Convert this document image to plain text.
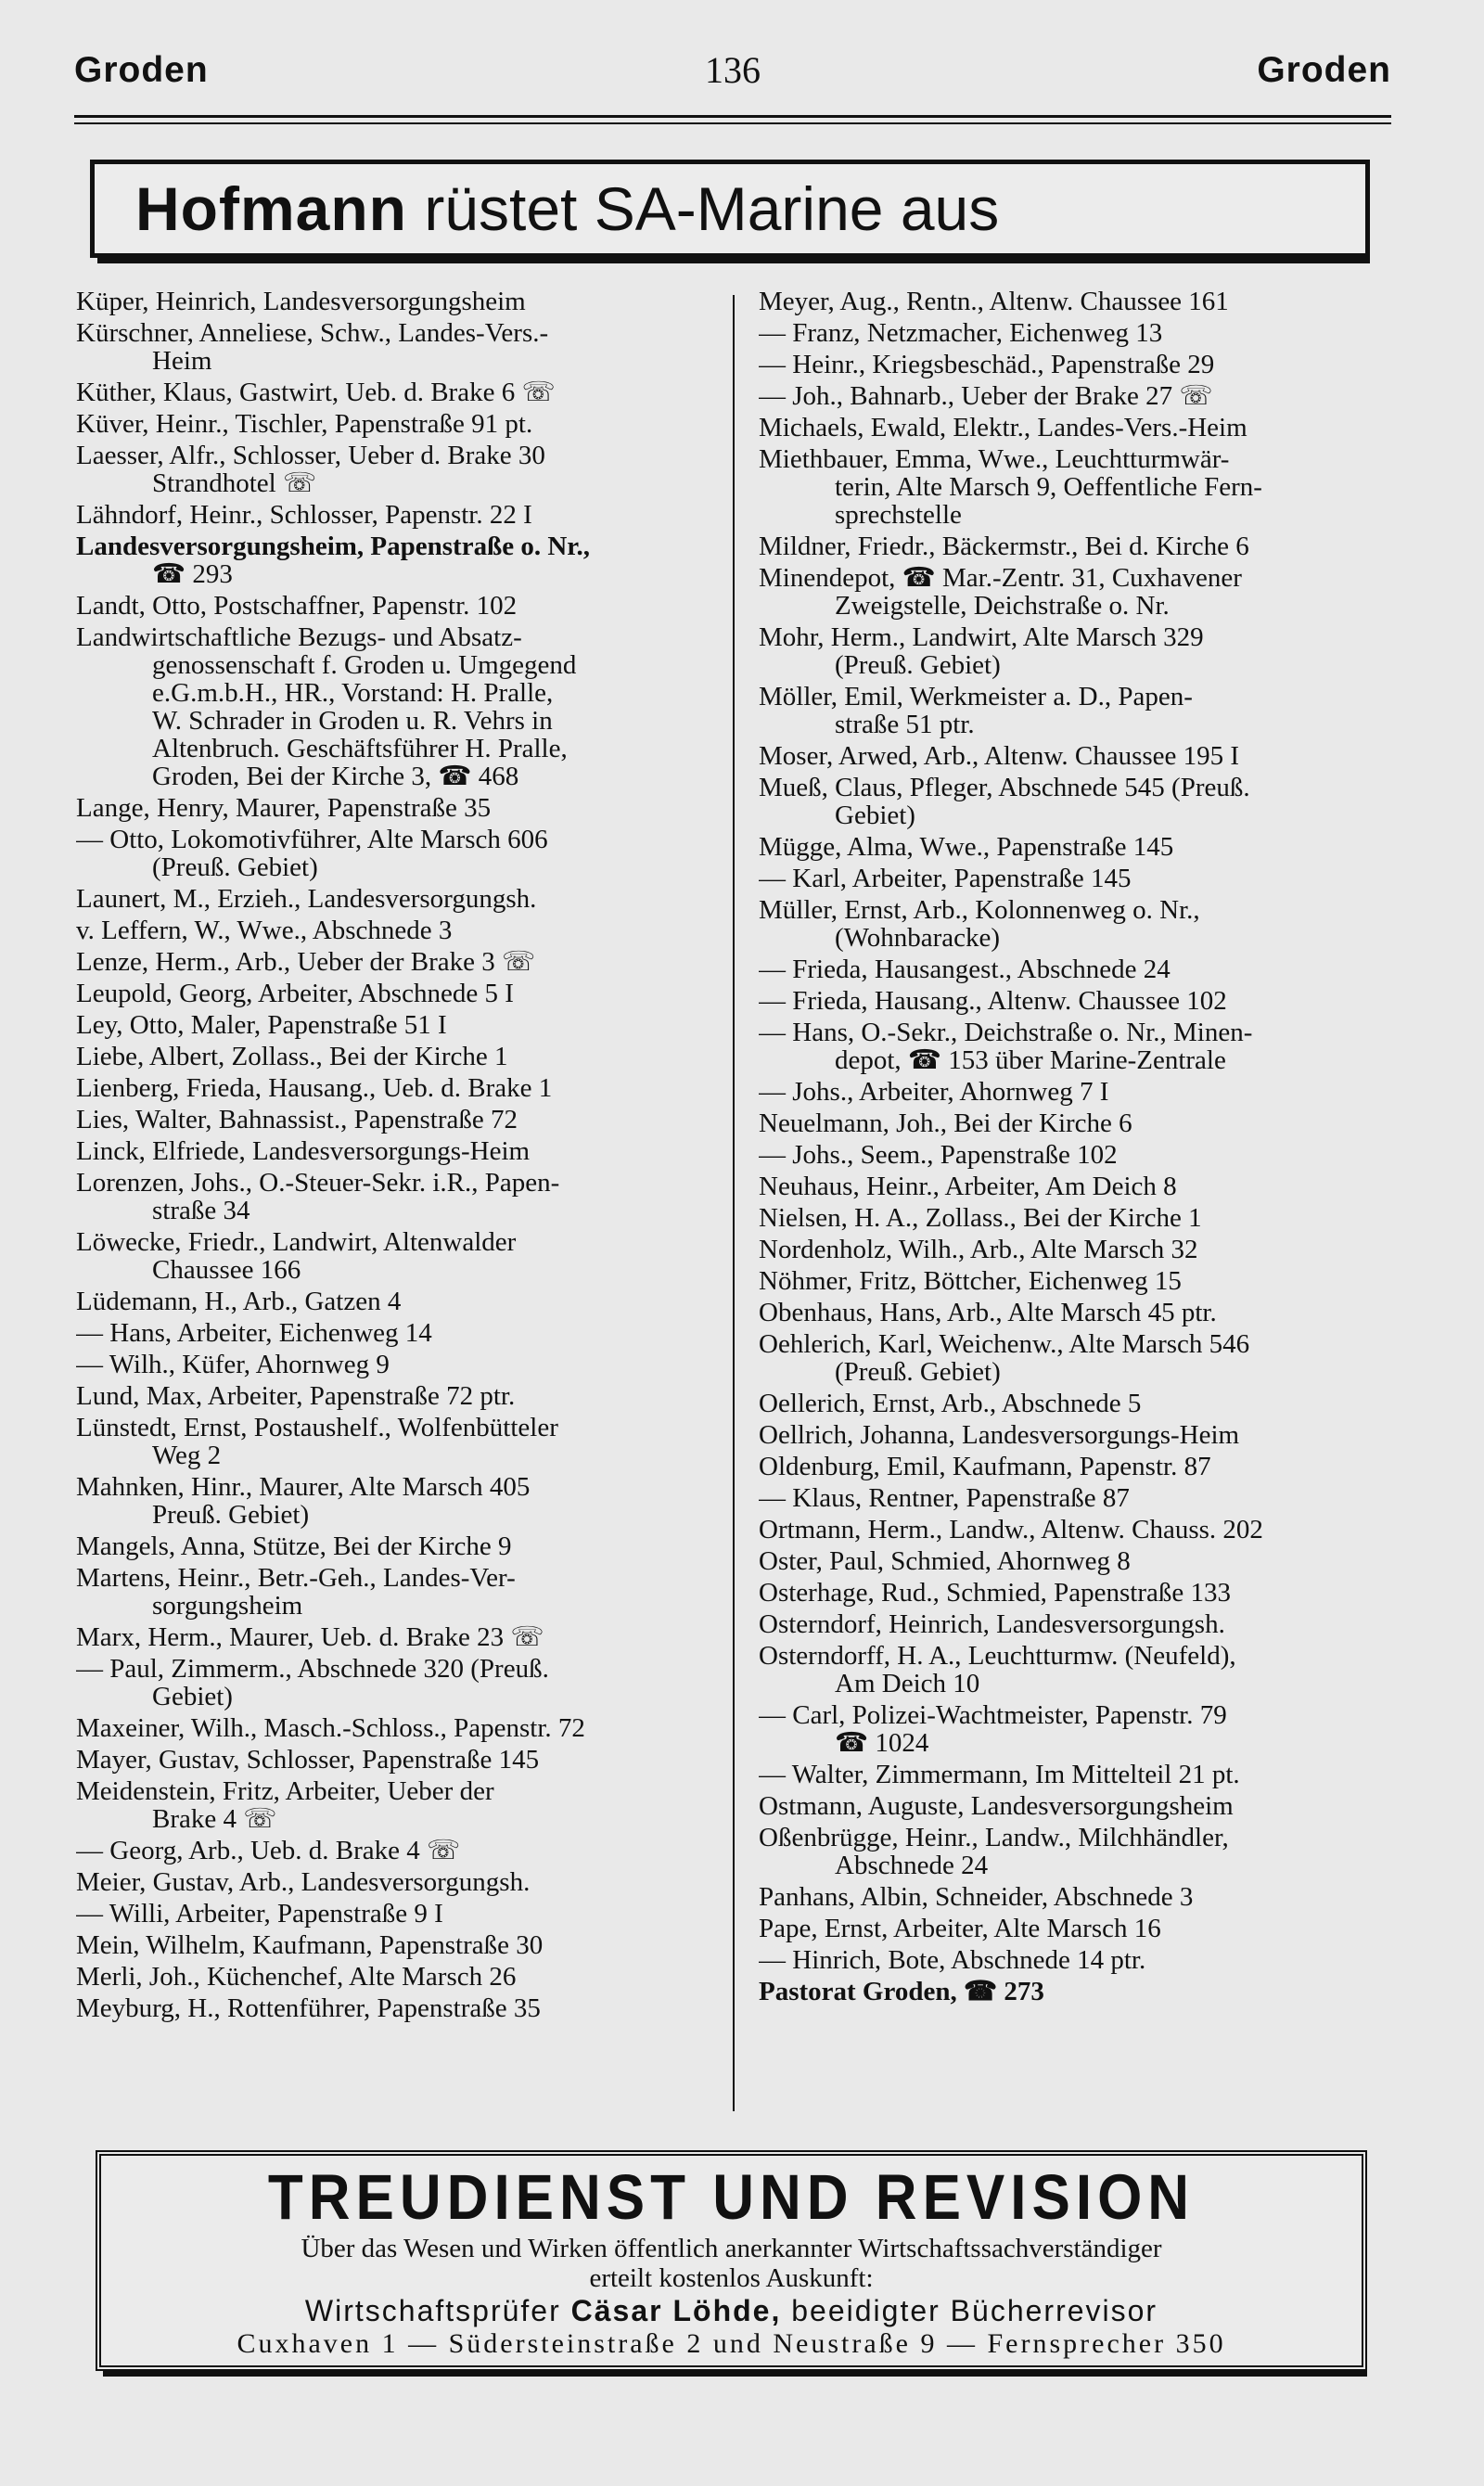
Groden	136	Groden
Hofmann rüstet SA-Marine aus
Küper, Heinrich, Landesversorgungsheim
Kürschner, Anneliese, Schw., Landes-Vers.-
Heim
Küther, Klaus, Gastwirt, Ueb. d. Brake 6 ☏
Küver, Heinr., Tischler, Papenstraße 91 pt.
Laesser, Alfr., Schlosser, Ueber d. Brake 30
Strandhotel ☏
Lähndorf, Heinr., Schlosser, Papenstr. 22 I
Landesversorgungsheim, Papenstraße o. Nr.,
☎ 293
Landt, Otto, Postschaffner, Papenstr. 102
Landwirtschaftliche Bezugs- und Absatz-
genossenschaft f. Groden u. Umgegend
e.G.m.b.H., HR., Vorstand: H. Pralle,
W. Schrader in Groden u. R. Vehrs in
Altenbruch. Geschäftsführer H. Pralle,
Groden, Bei der Kirche 3, ☎ 468
Lange, Henry, Maurer, Papenstraße 35
— Otto, Lokomotivführer, Alte Marsch 606
(Preuß. Gebiet)
Launert, M., Erzieh., Landesversorgungsh.
v. Leffern, W., Wwe., Abschnede 3
Lenze, Herm., Arb., Ueber der Brake 3 ☏
Leupold, Georg, Arbeiter, Abschnede 5 I
Ley, Otto, Maler, Papenstraße 51 I
Liebe, Albert, Zollass., Bei der Kirche 1
Lienberg, Frieda, Hausang., Ueb. d. Brake 1
Lies, Walter, Bahnassist., Papenstraße 72
Linck, Elfriede, Landesversorgungs-Heim
Lorenzen, Johs., O.-Steuer-Sekr. i.R., Papen-
straße 34
Löwecke, Friedr., Landwirt, Altenwalder
Chaussee 166
Lüdemann, H., Arb., Gatzen 4
— Hans, Arbeiter, Eichenweg 14
— Wilh., Küfer, Ahornweg 9
Lund, Max, Arbeiter, Papenstraße 72 ptr.
Lünstedt, Ernst, Postaushelf., Wolfenbütteler
Weg 2
Mahnken, Hinr., Maurer, Alte Marsch 405
Preuß. Gebiet)
Mangels, Anna, Stütze, Bei der Kirche 9
Martens, Heinr., Betr.-Geh., Landes-Ver-
sorgungsheim
Marx, Herm., Maurer, Ueb. d. Brake 23 ☏
— Paul, Zimmerm., Abschnede 320 (Preuß.
Gebiet)
Maxeiner, Wilh., Masch.-Schloss., Papenstr. 72
Mayer, Gustav, Schlosser, Papenstraße 145
Meidenstein, Fritz, Arbeiter, Ueber der
Brake 4 ☏
— Georg, Arb., Ueb. d. Brake 4 ☏
Meier, Gustav, Arb., Landesversorgungsh.
— Willi, Arbeiter, Papenstraße 9 I
Mein, Wilhelm, Kaufmann, Papenstraße 30
Merli, Joh., Küchenchef, Alte Marsch 26
Meyburg, H., Rottenführer, Papenstraße 35
Meyer, Aug., Rentn., Altenw. Chaussee 161
— Franz, Netzmacher, Eichenweg 13
— Heinr., Kriegsbeschäd., Papenstraße 29
— Joh., Bahnarb., Ueber der Brake 27 ☏
Michaels, Ewald, Elektr., Landes-Vers.-Heim
Miethbauer, Emma, Wwe., Leuchtturmwär-
terin, Alte Marsch 9, Oeffentliche Fern-
sprechstelle
Mildner, Friedr., Bäckermstr., Bei d. Kirche 6
Minendepot, ☎ Mar.-Zentr. 31, Cuxhavener
Zweigstelle, Deichstraße o. Nr.
Mohr, Herm., Landwirt, Alte Marsch 329
(Preuß. Gebiet)
Möller, Emil, Werkmeister a. D., Papen-
straße 51 ptr.
Moser, Arwed, Arb., Altenw. Chaussee 195 I
Mueß, Claus, Pfleger, Abschnede 545 (Preuß.
Gebiet)
Mügge, Alma, Wwe., Papenstraße 145
— Karl, Arbeiter, Papenstraße 145
Müller, Ernst, Arb., Kolonnenweg o. Nr.,
(Wohnbaracke)
— Frieda, Hausangest., Abschnede 24
— Frieda, Hausang., Altenw. Chaussee 102
— Hans, O.-Sekr., Deichstraße o. Nr., Minen-
depot, ☎ 153 über Marine-Zentrale
— Johs., Arbeiter, Ahornweg 7 I
Neuelmann, Joh., Bei der Kirche 6
— Johs., Seem., Papenstraße 102
Neuhaus, Heinr., Arbeiter, Am Deich 8
Nielsen, H. A., Zollass., Bei der Kirche 1
Nordenholz, Wilh., Arb., Alte Marsch 32
Nöhmer, Fritz, Böttcher, Eichenweg 15
Obenhaus, Hans, Arb., Alte Marsch 45 ptr.
Oehlerich, Karl, Weichenw., Alte Marsch 546
(Preuß. Gebiet)
Oellerich, Ernst, Arb., Abschnede 5
Oellrich, Johanna, Landesversorgungs-Heim
Oldenburg, Emil, Kaufmann, Papenstr. 87
— Klaus, Rentner, Papenstraße 87
Ortmann, Herm., Landw., Altenw. Chauss. 202
Oster, Paul, Schmied, Ahornweg 8
Osterhage, Rud., Schmied, Papenstraße 133
Osterndorf, Heinrich, Landesversorgungsh.
Osterndorff, H. A., Leuchtturmw. (Neufeld),
Am Deich 10
— Carl, Polizei-Wachtmeister, Papenstr. 79
☎ 1024
— Walter, Zimmermann, Im Mittelteil 21 pt.
Ostmann, Auguste, Landesversorgungsheim
Oßenbrügge, Heinr., Landw., Milchhändler,
Abschnede 24
Panhans, Albin, Schneider, Abschnede 3
Pape, Ernst, Arbeiter, Alte Marsch 16
— Hinrich, Bote, Abschnede 14 ptr.
Pastorat Groden, ☎ 273
TREUDIENST UND REVISION
Über das Wesen und Wirken öffentlich anerkannter Wirtschaftssachverständiger
erteilt kostenlos Auskunft:
Wirtschaftsprüfer Cäsar Löhde, beeidigter Bücherrevisor
Cuxhaven 1 — Südersteinstraße 2 und Neustraße 9 — Fernsprecher 350
